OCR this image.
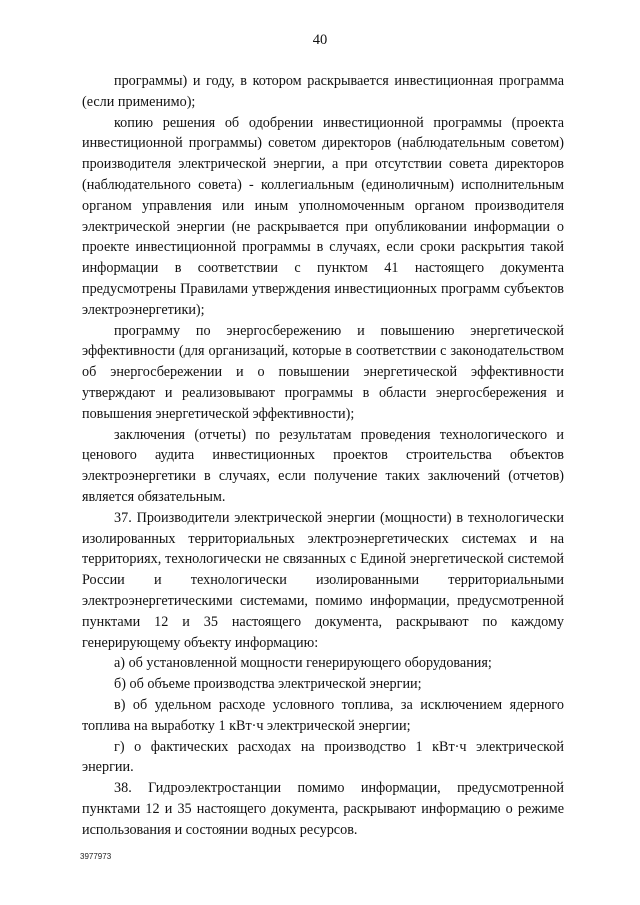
40

программы) и году, в котором раскрывается инвестиционная программа (если применимо);

копию решения об одобрении инвестиционной программы (проекта инвестиционной программы) советом директоров (наблюдательным советом) производителя электрической энергии, а при отсутствии совета директоров (наблюдательного совета) - коллегиальным (единоличным) исполнительным органом управления или иным уполномоченным органом производителя электрической энергии (не раскрывается при опубликовании информации о проекте инвестиционной программы в случаях, если сроки раскрытия такой информации в соответствии с пунктом 41 настоящего документа предусмотрены Правилами утверждения инвестиционных программ субъектов электроэнергетики);

программу по энергосбережению и повышению энергетической эффективности (для организаций, которые в соответствии с законодательством об энергосбережении и о повышении энергетической эффективности утверждают и реализовывают программы в области энергосбережения и повышения энергетической эффективности);

заключения (отчеты) по результатам проведения технологического и ценового аудита инвестиционных проектов строительства объектов электроэнергетики в случаях, если получение таких заключений (отчетов) является обязательным.

37. Производители электрической энергии (мощности) в технологически изолированных территориальных электроэнергетических системах и на территориях, технологически не связанных с Единой энергетической системой России и технологически изолированными территориальными электроэнергетическими системами, помимо информации, предусмотренной пунктами 12 и 35 настоящего документа, раскрывают по каждому генерирующему объекту информацию:

а) об установленной мощности генерирующего оборудования;

б) об объеме производства электрической энергии;

в) об удельном расходе условного топлива, за исключением ядерного топлива на выработку 1 кВт·ч электрической энергии;

г) о фактических расходах на производство 1 кВт·ч электрической энергии.

38. Гидроэлектростанции помимо информации, предусмотренной пунктами 12 и 35 настоящего документа, раскрывают информацию о режиме использования и состоянии водных ресурсов.

3977973
